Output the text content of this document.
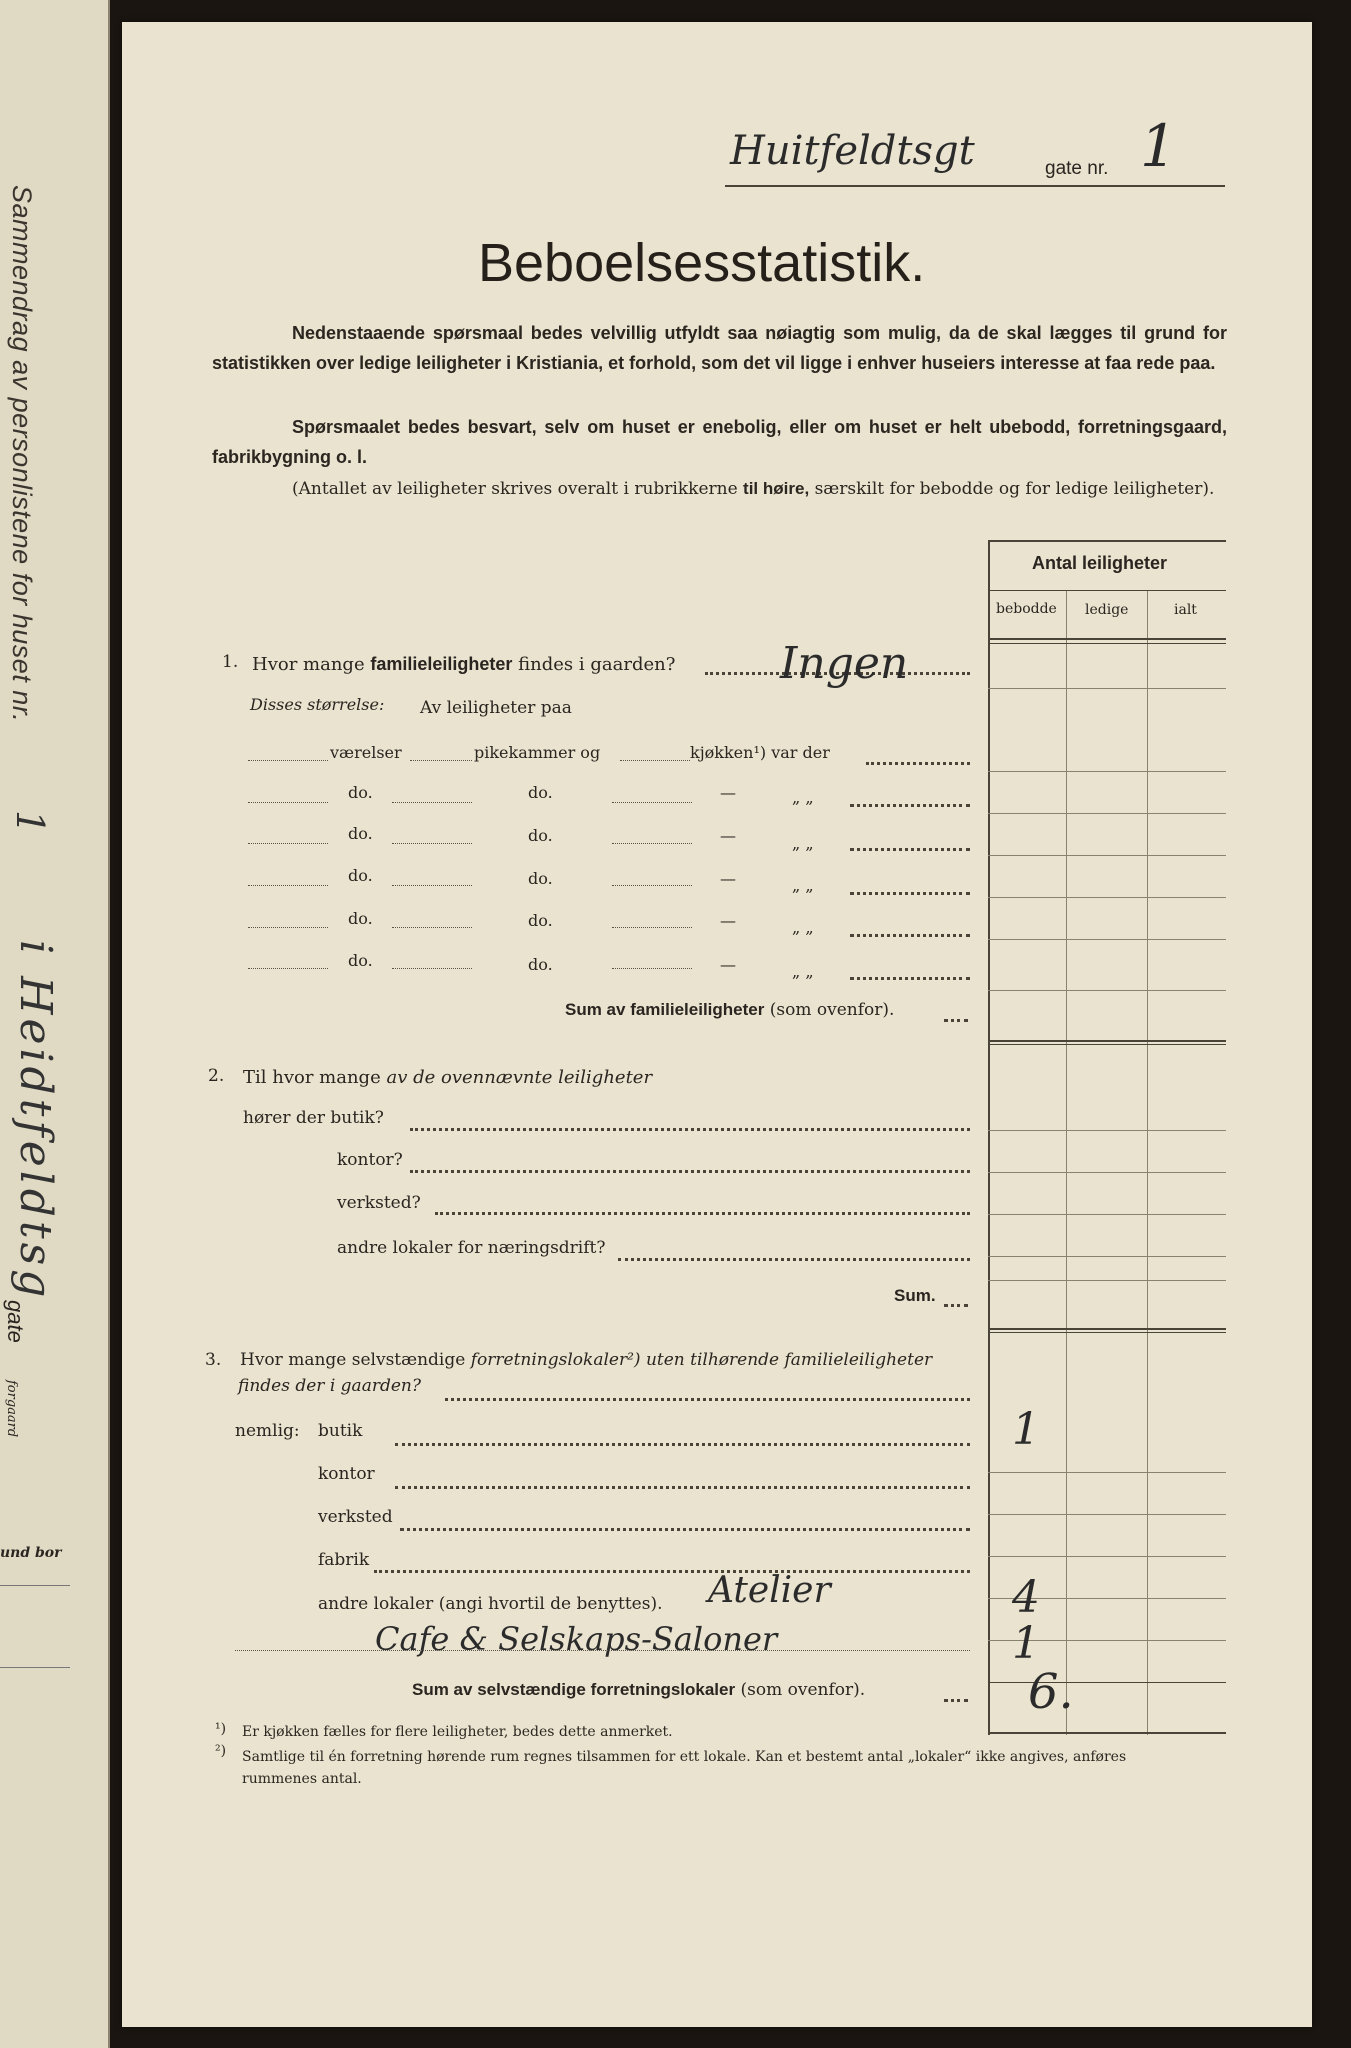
Sammendrag av personlistene for huset nr.
1
i Heidtfeldtsg
gate
forgaard
und bor
Huitfeldtsgt	gate nr. 1
Beboelsesstatistik.
Nedenstaaende spørsmaal bedes velvillig utfyldt saa nøiagtig som mulig, da de skal lægges til grund for statistikken over ledige leiligheter i Kristiania, et forhold, som det vil ligge i enhver huseiers interesse at faa rede paa.
Spørsmaalet bedes besvart, selv om huset er enebolig, eller om huset er helt ubebodd, forretningsgaard, fabrikbygning o. l.
(Antallet av leiligheter skrives overalt i rubrikkerne til høire, særskilt for bebodde og for ledige leiligheter).
Antal leiligheter
bebodde ledige	ialt
1. Hvor mange familieleiligheter findes i gaarden? Ingen
Disses størrelse: Av leiligheter paa
værelser	pikekammer og	kjøkken¹) var der
do.	do.	—	„ „
do.	do.	—	„ „
do.	do.	—	„ „
do.	do.	—	„ „
do.	do.	—	„ „
Sum av familieleiligheter (som ovenfor).
2. Til hvor mange av de ovennævnte leiligheter
hører der butik?
kontor?
verksted?
andre lokaler for næringsdrift?
Sum.
3. Hvor mange selvstændige forretningslokaler²) uten tilhørende familieleiligheter
findes der i gaarden?
nemlig: butik	1
kontor
verksted
fabrik
andre lokaler (angi hvortil de benyttes). Atelier	4
Cafe & Selskaps-Saloner	1
Sum av selvstændige forretningslokaler (som ovenfor).	6.
¹) Er kjøkken fælles for flere leiligheter, bedes dette anmerket.
²) Samtlige til én forretning hørende rum regnes tilsammen for ett lokale. Kan et bestemt antal „lokaler“ ikke angives, anføres rummenes antal.
